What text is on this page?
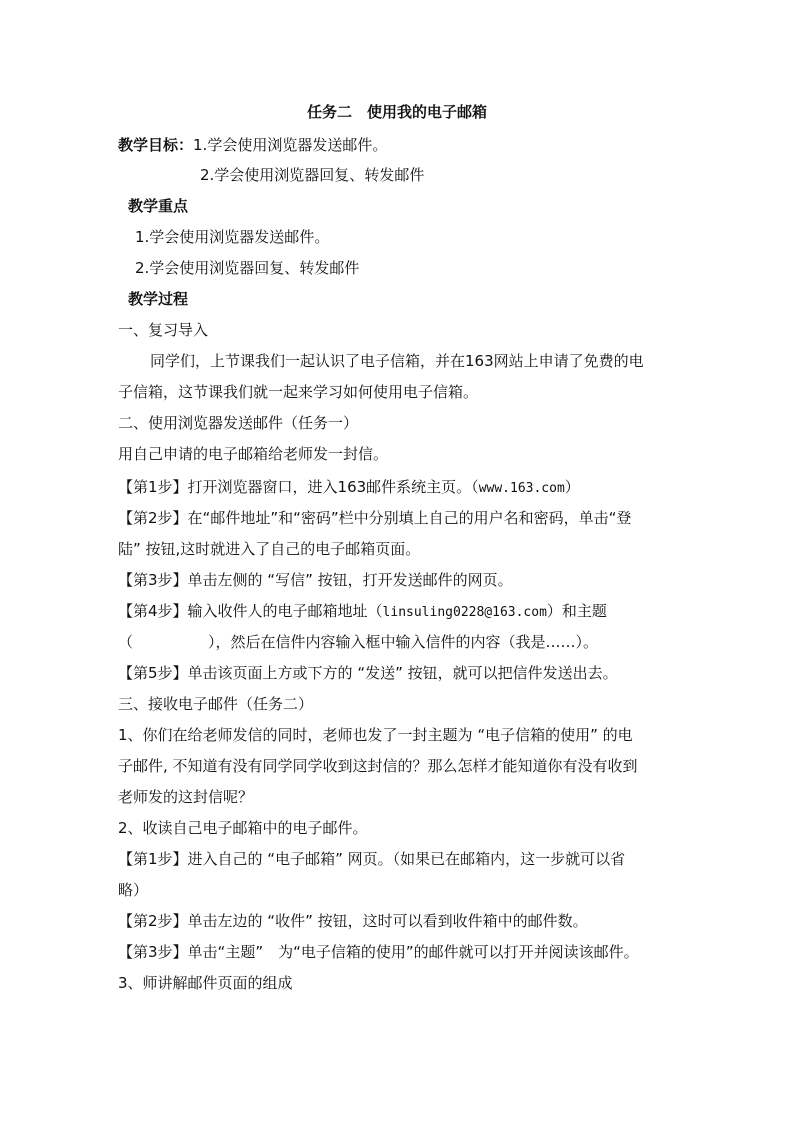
任务二　使用我的电子邮箱
教学目标：1.学会使用浏览器发送邮件。
2.学会使用浏览器回复、转发邮件
教学重点
1.学会使用浏览器发送邮件。
2.学会使用浏览器回复、转发邮件
教学过程
一、复习导入
同学们，上节课我们一起认识了电子信箱，并在163网站上申请了免费的电
子信箱，这节课我们就一起来学习如何使用电子信箱。
二、使用浏览器发送邮件（任务一）
用自己申请的电子邮箱给老师发一封信。
【第1步】打开浏览器窗口，进入163邮件系统主页。（www.163.com）
【第2步】在“邮件地址”和“密码”栏中分别填上自己的用户名和密码，单击“登
陆” 按钮,这时就进入了自己的电子邮箱页面。
【第3步】单击左侧的 “写信” 按钮，打开发送邮件的网页。
【第4步】输入收件人的电子邮箱地址（linsuling0228@163.com）和主题
（　　　　　），然后在信件内容输入框中输入信件的内容（我是……）。
【第5步】单击该页面上方或下方的 “发送” 按钮，就可以把信件发送出去。
三、接收电子邮件（任务二）
1、你们在给老师发信的同时，老师也发了一封主题为 “电子信箱的使用” 的电
子邮件, 不知道有没有同学同学收到这封信的？那么怎样才能知道你有没有收到
老师发的这封信呢？
2、收读自己电子邮箱中的电子邮件。
【第1步】进入自己的 “电子邮箱” 网页。（如果已在邮箱内，这一步就可以省
略）
【第2步】单击左边的 “收件” 按钮，这时可以看到收件箱中的邮件数。
【第3步】单击“主题”　为“电子信箱的使用”的邮件就可以打开并阅读该邮件。
3、师讲解邮件页面的组成
